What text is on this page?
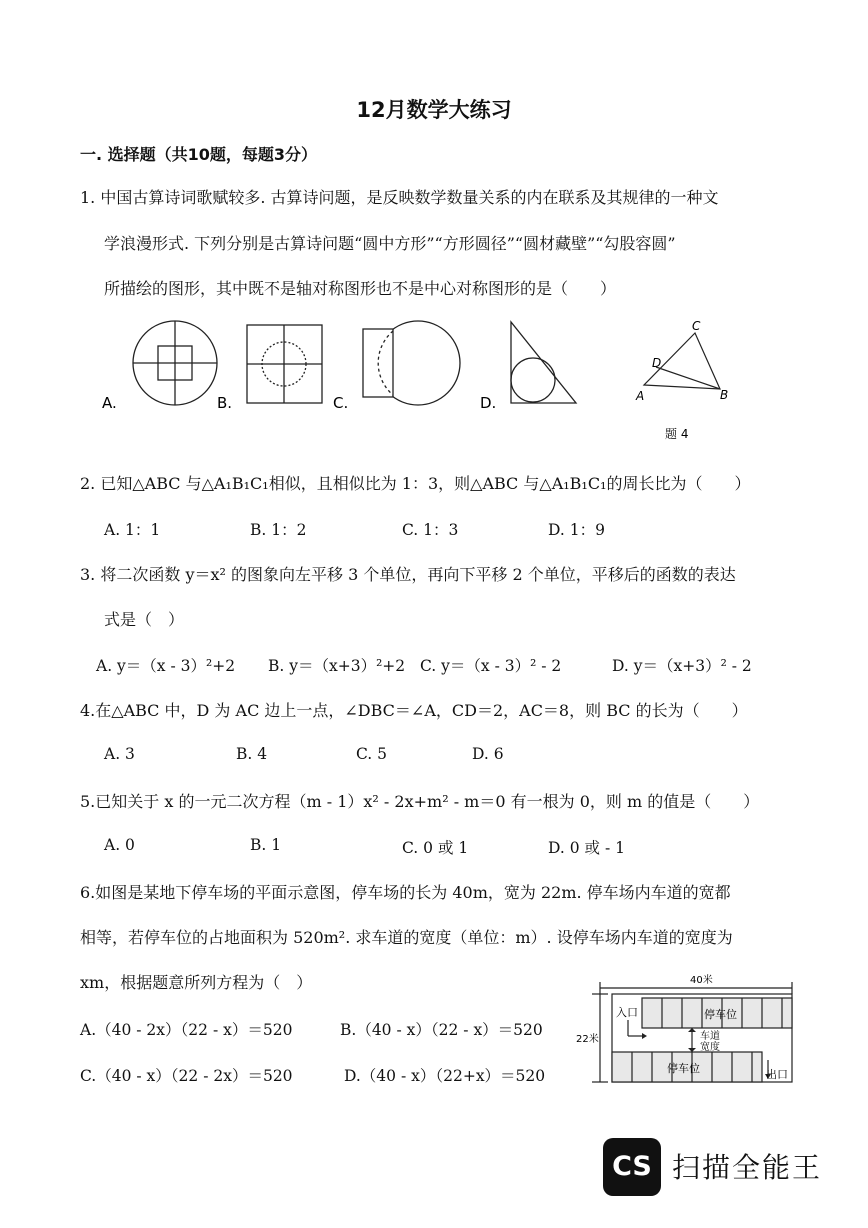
12月数学大练习
一. 选择题（共10题，每题3分）
1. 中国古算诗词歌赋较多. 古算诗问题，是反映数学数量关系的内在联系及其规律的一种文
学浪漫形式. 下列分别是古算诗问题“圆中方形”“方形圆径”“圆材藏壁”“勾股容圆”
所描绘的图形，其中既不是轴对称图形也不是中心对称图形的是（　　）
A.	B.	C.	D.
C
D
A	B
题 4
2. 已知△ABC 与△A₁B₁C₁相似，且相似比为 1：3，则△ABC 与△A₁B₁C₁的周长比为（　　）
A. 1：1	B. 1：2	C. 1：3	D. 1：9
3. 将二次函数 y＝x² 的图象向左平移 3 个单位，再向下平移 2 个单位，平移后的函数的表达
式是（　）
A. y＝（x - 3）²+2 B. y＝（x+3）²+2 C. y＝（x - 3）² - 2	D. y＝（x+3）² - 2
4.在△ABC 中，D 为 AC 边上一点，∠DBC＝∠A，CD＝2，AC＝8，则 BC 的长为（　　）
A. 3	B. 4	C. 5	D. 6
5.已知关于 x 的一元二次方程（m - 1）x² - 2x+m² - m＝0 有一根为 0，则 m 的值是（　　）
A. 0	B. 1	C. 0 或 1	D. 0 或 - 1
6.如图是某地下停车场的平面示意图，停车场的长为 40m，宽为 22m. 停车场内车道的宽都
相等，若停车位的占地面积为 520m². 求车道的宽度（单位：m）. 设停车场内车道的宽度为
xm，根据题意所列方程为（　）
A.（40 - 2x）（22 - x）＝520	B.（40 - x）（22 - x）＝520
C.（40 - x）（22 - 2x）＝520	D.（40 - x）（22+x）＝520
40米
22米
入口	停车位
停车位
车道
宽度
出口
CS 扫描全能王
